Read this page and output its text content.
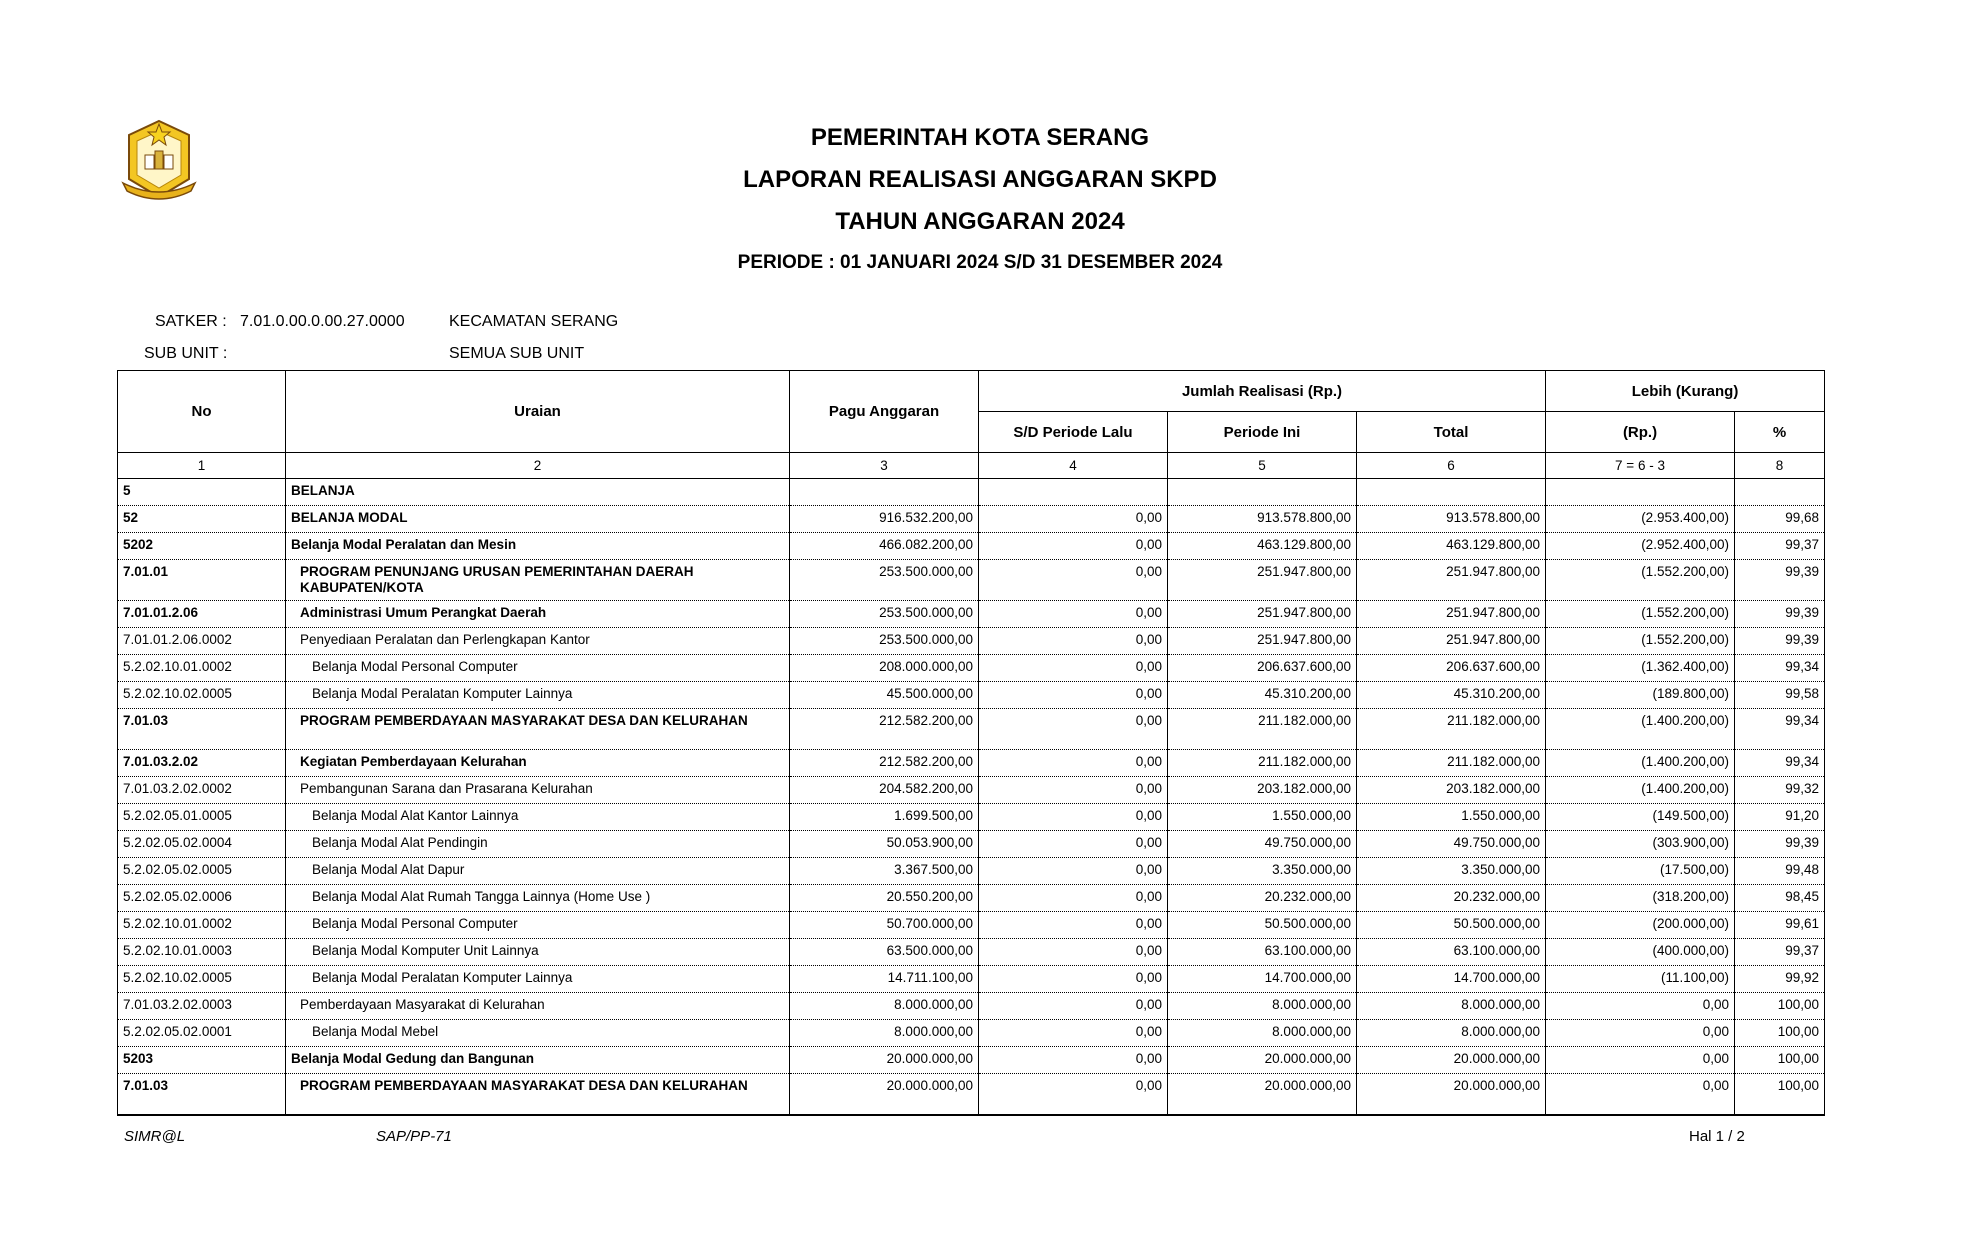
PEMERINTAH KOTA SERANG
LAPORAN REALISASI ANGGARAN SKPD
TAHUN ANGGARAN 2024
PERIODE : 01 JANUARI 2024 S/D 31 DESEMBER 2024
SATKER : 7.01.0.00.0.00.27.0000	KECAMATAN SERANG
SUB UNIT :	SEMUA SUB UNIT
No	Uraian	Pagu Anggaran	Jumlah Realisasi (Rp.)			Lebih (Kurang)	
			S/D Periode Lalu	Periode Ini	Total	(Rp.)	%
1	2	3	4	5	6	7 = 6 - 3	8
5	BELANJA						
52	BELANJA MODAL	916.532.200,00	0,00	913.578.800,00	913.578.800,00	(2.953.400,00)	99,68
5202	Belanja Modal Peralatan dan Mesin	466.082.200,00	0,00	463.129.800,00	463.129.800,00	(2.952.400,00)	99,37
7.01.01	PROGRAM PENUNJANG URUSAN PEMERINTAHAN DAERAH KABUPATEN/KOTA	253.500.000,00	0,00	251.947.800,00	251.947.800,00	(1.552.200,00)	99,39
7.01.01.2.06	Administrasi Umum Perangkat Daerah	253.500.000,00	0,00	251.947.800,00	251.947.800,00	(1.552.200,00)	99,39
7.01.01.2.06.0002	Penyediaan Peralatan dan Perlengkapan Kantor	253.500.000,00	0,00	251.947.800,00	251.947.800,00	(1.552.200,00)	99,39
5.2.02.10.01.0002	Belanja Modal Personal Computer	208.000.000,00	0,00	206.637.600,00	206.637.600,00	(1.362.400,00)	99,34
5.2.02.10.02.0005	Belanja Modal Peralatan Komputer Lainnya	45.500.000,00	0,00	45.310.200,00	45.310.200,00	(189.800,00)	99,58
7.01.03	PROGRAM PEMBERDAYAAN MASYARAKAT DESA DAN KELURAHAN	212.582.200,00	0,00	211.182.000,00	211.182.000,00	(1.400.200,00)	99,34
7.01.03.2.02	Kegiatan Pemberdayaan Kelurahan	212.582.200,00	0,00	211.182.000,00	211.182.000,00	(1.400.200,00)	99,34
7.01.03.2.02.0002	Pembangunan Sarana dan Prasarana Kelurahan	204.582.200,00	0,00	203.182.000,00	203.182.000,00	(1.400.200,00)	99,32
5.2.02.05.01.0005	Belanja Modal Alat Kantor Lainnya	1.699.500,00	0,00	1.550.000,00	1.550.000,00	(149.500,00)	91,20
5.2.02.05.02.0004	Belanja Modal Alat Pendingin	50.053.900,00	0,00	49.750.000,00	49.750.000,00	(303.900,00)	99,39
5.2.02.05.02.0005	Belanja Modal Alat Dapur	3.367.500,00	0,00	3.350.000,00	3.350.000,00	(17.500,00)	99,48
5.2.02.05.02.0006	Belanja Modal Alat Rumah Tangga Lainnya (Home Use )	20.550.200,00	0,00	20.232.000,00	20.232.000,00	(318.200,00)	98,45
5.2.02.10.01.0002	Belanja Modal Personal Computer	50.700.000,00	0,00	50.500.000,00	50.500.000,00	(200.000,00)	99,61
5.2.02.10.01.0003	Belanja Modal Komputer Unit Lainnya	63.500.000,00	0,00	63.100.000,00	63.100.000,00	(400.000,00)	99,37
5.2.02.10.02.0005	Belanja Modal Peralatan Komputer Lainnya	14.711.100,00	0,00	14.700.000,00	14.700.000,00	(11.100,00)	99,92
7.01.03.2.02.0003	Pemberdayaan Masyarakat di Kelurahan	8.000.000,00	0,00	8.000.000,00	8.000.000,00	0,00	100,00
5.2.02.05.02.0001	Belanja Modal Mebel	8.000.000,00	0,00	8.000.000,00	8.000.000,00	0,00	100,00
5203	Belanja Modal Gedung dan Bangunan	20.000.000,00	0,00	20.000.000,00	20.000.000,00	0,00	100,00
7.01.03	PROGRAM PEMBERDAYAAN MASYARAKAT DESA DAN KELURAHAN	20.000.000,00	0,00	20.000.000,00	20.000.000,00	0,00	100,00
SIMR@L	SAP/PP-71	Hal 1 / 2
